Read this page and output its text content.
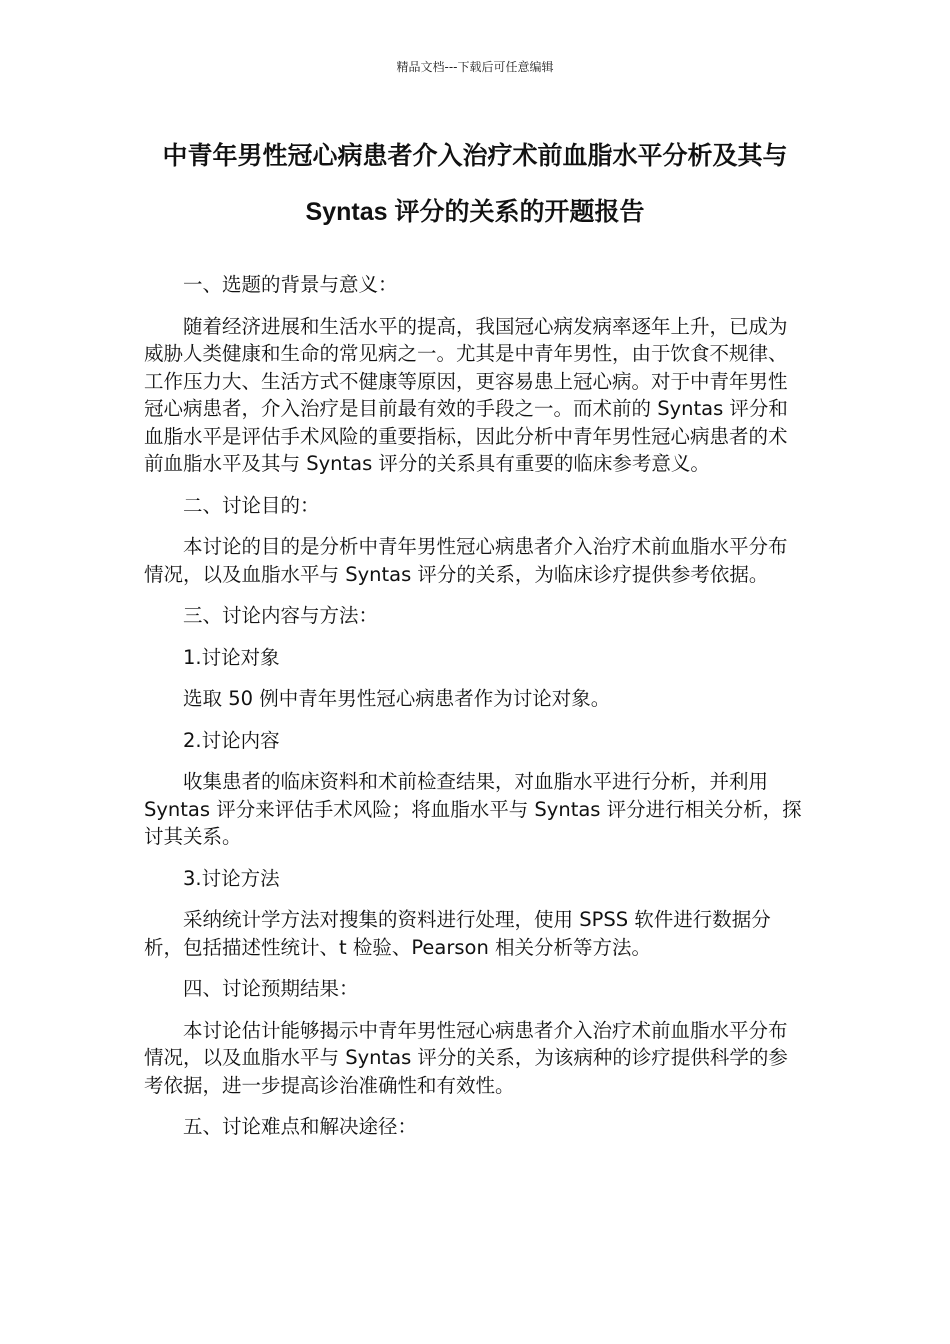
精品文档---下载后可任意编辑
中青年男性冠心病患者介入治疗术前血脂水平分析及其与 Syntas 评分的关系的开题报告

一、选题的背景与意义：

随着经济进展和生活水平的提高，我国冠心病发病率逐年上升，已成为威胁人类健康和生命的常见病之一。尤其是中青年男性，由于饮食不规律、工作压力大、生活方式不健康等原因，更容易患上冠心病。对于中青年男性冠心病患者，介入治疗是目前最有效的手段之一。而术前的 Syntas 评分和血脂水平是评估手术风险的重要指标，因此分析中青年男性冠心病患者的术前血脂水平及其与 Syntas 评分的关系具有重要的临床参考意义。

二、讨论目的：

本讨论的目的是分析中青年男性冠心病患者介入治疗术前血脂水平分布情况，以及血脂水平与 Syntas 评分的关系，为临床诊疗提供参考依据。

三、讨论内容与方法：

1.讨论对象

选取 50 例中青年男性冠心病患者作为讨论对象。

2.讨论内容

收集患者的临床资料和术前检查结果，对血脂水平进行分析，并利用 Syntas 评分来评估手术风险；将血脂水平与 Syntas 评分进行相关分析，探讨其关系。

3.讨论方法

采纳统计学方法对搜集的资料进行处理，使用 SPSS 软件进行数据分析，包括描述性统计、t 检验、Pearson 相关分析等方法。

四、讨论预期结果：

本讨论估计能够揭示中青年男性冠心病患者介入治疗术前血脂水平分布情况，以及血脂水平与 Syntas 评分的关系，为该病种的诊疗提供科学的参考依据，进一步提高诊治准确性和有效性。

五、讨论难点和解决途径：
